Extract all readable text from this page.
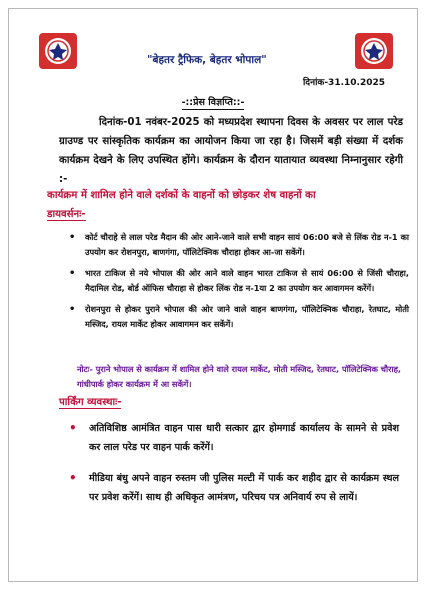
"बेहतर ट्रैफिक, बेहतर भोपाल"
दिनांक-31.10.2025
-::प्रेस विज्ञप्ति::-
दिनांक-01 नवंबर-2025 को मध्यप्रदेश स्थापना दिवस के अवसर पर लाल परेड ग्राउण्ड पर सांस्कृतिक कार्यक्रम का आयोजन किया जा रहा है। जिसमें बड़ी संख्या में दर्शक कार्यक्रम देखने के लिए उपस्थित होंगे। कार्यक्रम के दौरान यातायात व्यवस्था निम्नानुसार रहेगी :-
कार्यक्रम में शामिल होने वाले दर्शकों के वाहनों को छोड़कर शेष वाहनों का
डायवर्सनः-
• कोर्ट चौराहे से लाल परेड मैदान की ओर आने-जाने वाले सभी वाहन सायं 06:00 बजे से लिंक रोड न-1 का उपयोग कर रोशनपुरा, बाणगंगा, पॉलिटेक्निक चौराहा होकर आ-जा सकेंगें।
• भारत टाकिज से नये भोपाल की ओर आने वाले वाहन भारत टाकिज से सायं 06:00 से जिंसी चौराहा, मैदामिल रोड, बोर्ड ऑफिस चौराहा से होकर लिंक रोड न-1या 2 का उपयोग कर आवागमन करेंगें।
• रोशनपुरा से होकर पुराने भोपाल की ओर जाने वाले वाहन बाणगंगा, पॉलिटेक्निक चौराहा, रेतघाट, मोती मस्जिद, रायल मार्केट होकर आवागमन कर सकेंगें।
नोटः- पुराने भोपाल से कार्यक्रम में शामिल होने वाले रायल मार्केट, मोती मस्जिद, रेतघाट, पॉलिटेक्निक चौराह, गांधीपार्क होकर कार्यक्रम में आ सकेंगें।
पार्किंग व्यवस्थाः-
• अतिविशिष्ठ आमंत्रित वाहन पास धारी सत्कार द्वार होमगार्ड कार्यालय के सामने से प्रवेश कर लाल परेड पर वाहन पार्क करेंगें।
• मीडिया बंधु अपने वाहन रुस्तम जी पुलिस मल्टी में पार्क कर शहीद द्वार से कार्यक्रम स्थल पर प्रवेश करेंगें। साथ ही अधिकृत आमंत्रण, परिचय पत्र अनिवार्य रुप से लायें।
